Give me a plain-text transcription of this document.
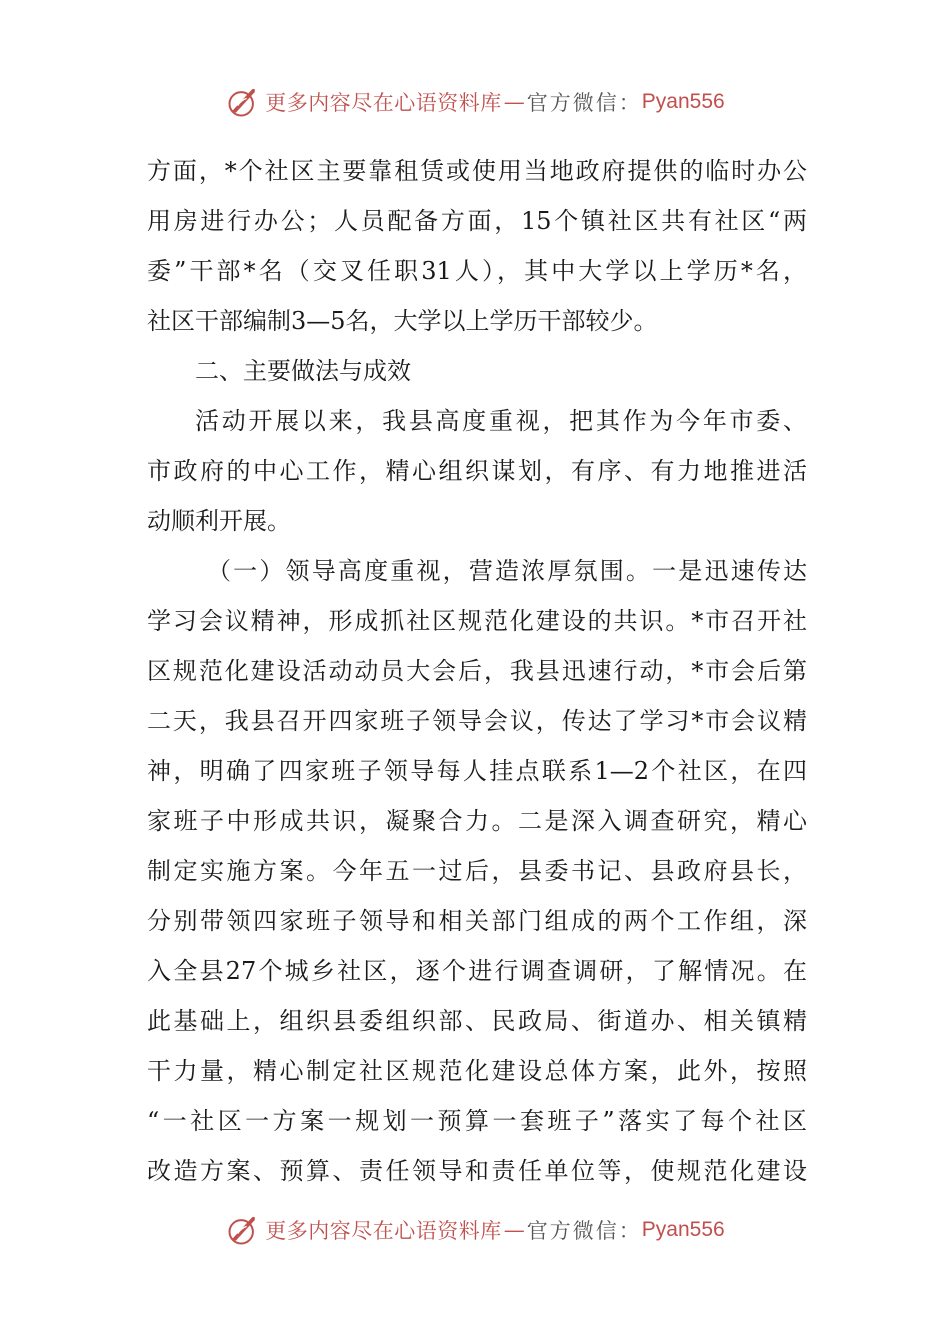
更多内容尽在心语资料库 — 官方微信： Pyan556
方面，*个社区主要靠租赁或使用当地政府提供的临时办公
用房进行办公；人员配备方面，15个镇社区共有社区“两
委”干部*名（交叉任职31人），其中大学以上学历*名，
社区干部编制3—5名，大学以上学历干部较少。
二、主要做法与成效
活动开展以来，我县高度重视，把其作为今年市委、
市政府的中心工作，精心组织谋划，有序、有力地推进活
动顺利开展。
（一）领导高度重视，营造浓厚氛围。一是迅速传达
学习会议精神，形成抓社区规范化建设的共识。*市召开社
区规范化建设活动动员大会后，我县迅速行动，*市会后第
二天，我县召开四家班子领导会议，传达了学习*市会议精
神，明确了四家班子领导每人挂点联系1—2个社区，在四
家班子中形成共识，凝聚合力。二是深入调查研究，精心
制定实施方案。今年五一过后，县委书记、县政府县长，
分别带领四家班子领导和相关部门组成的两个工作组，深
入全县27个城乡社区，逐个进行调查调研，了解情况。在
此基础上，组织县委组织部、民政局、街道办、相关镇精
干力量，精心制定社区规范化建设总体方案，此外，按照
“一社区一方案一规划一预算一套班子”落实了每个社区
改造方案、预算、责任领导和责任单位等，使规范化建设
更多内容尽在心语资料库 — 官方微信： Pyan556
